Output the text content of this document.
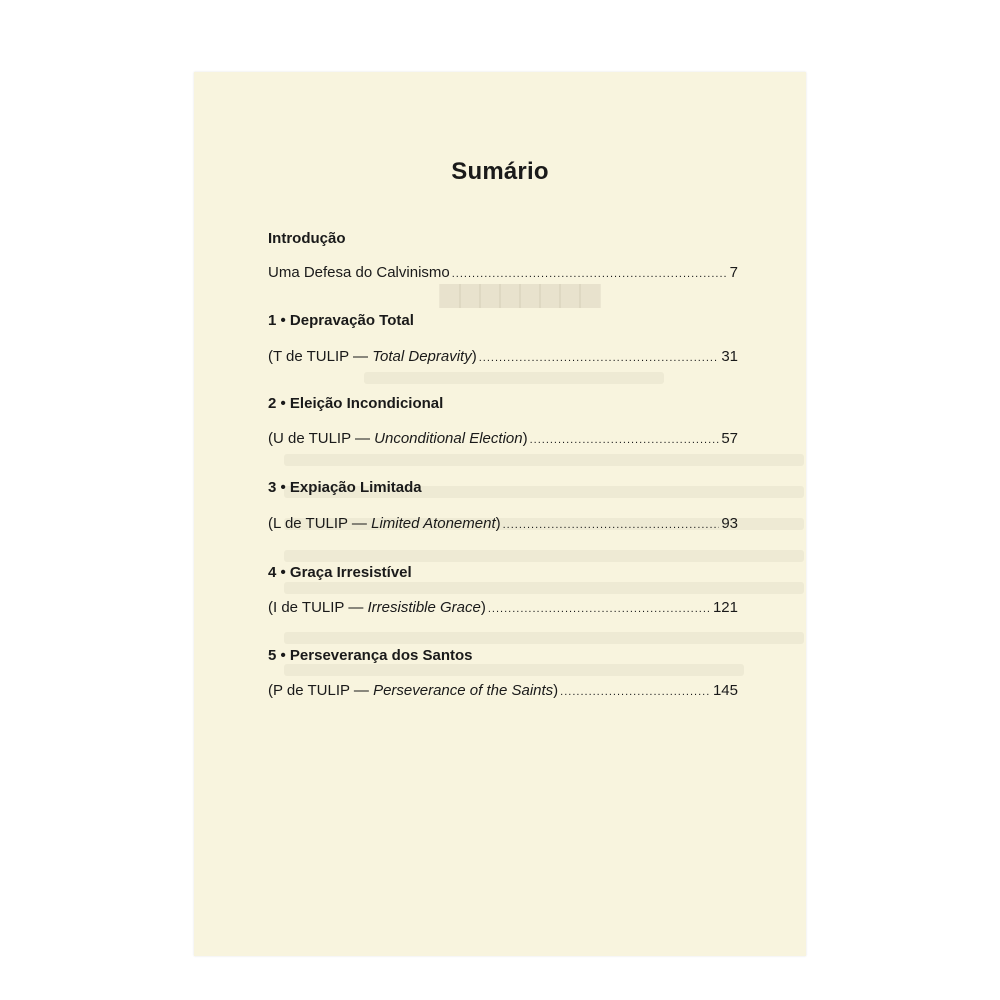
▆▆▆▆▆▆▆▆
Sumário
Introdução
Uma Defesa do Calvinismo .....	7
1 • Depravação Total
(T de TULIP — Total Depravity) .....	31
2 • Eleição Incondicional
(U de TULIP — Unconditional Election) .....	57
3 • Expiação Limitada
(L de TULIP — Limited Atonement) .....	93
4 • Graça Irresistível
(I de TULIP — Irresistible Grace) .....	121
5 • Perseverança dos Santos
(P de TULIP — Perseverance of the Saints) .....	145
